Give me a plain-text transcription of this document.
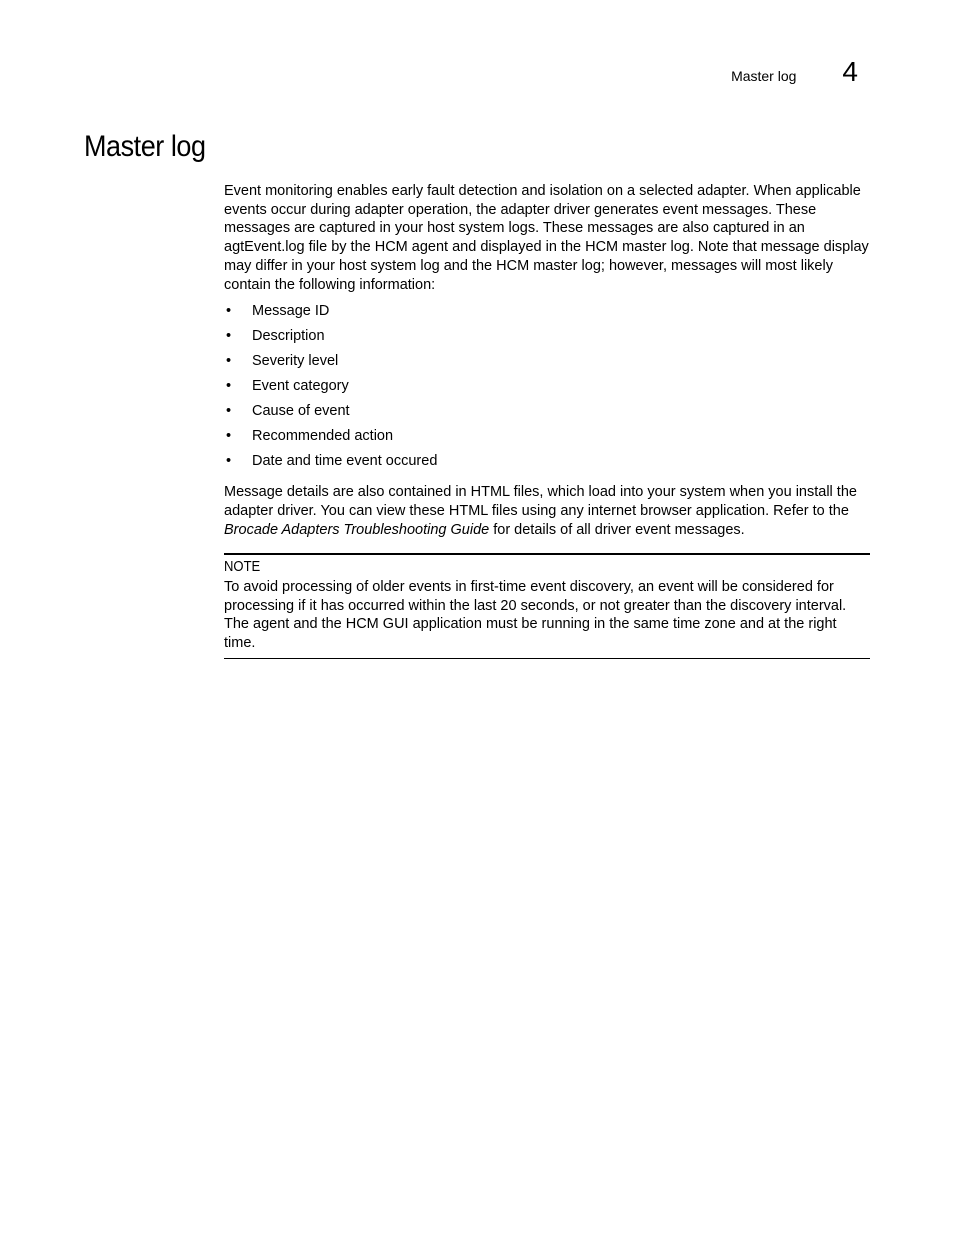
Master log 4
Master log

Event monitoring enables early fault detection and isolation on a selected adapter. When applicable events occur during adapter operation, the adapter driver generates event messages. These messages are captured in your host system logs. These messages are also captured in an agtEvent.log file by the HCM agent and displayed in the HCM master log. Note that message display may differ in your host system log and the HCM master log; however, messages will most likely contain the following information:

• Message ID
• Description
• Severity level
• Event category
• Cause of event
• Recommended action
• Date and time event occured

Message details are also contained in HTML files, which load into your system when you install the adapter driver. You can view these HTML files using any internet browser application. Refer to the Brocade Adapters Troubleshooting Guide for details of all driver event messages.

NOTE

To avoid processing of older events in first-time event discovery, an event will be considered for processing if it has occurred within the last 20 seconds, or not greater than the discovery interval. The agent and the HCM GUI application must be running in the same time zone and at the right time.
